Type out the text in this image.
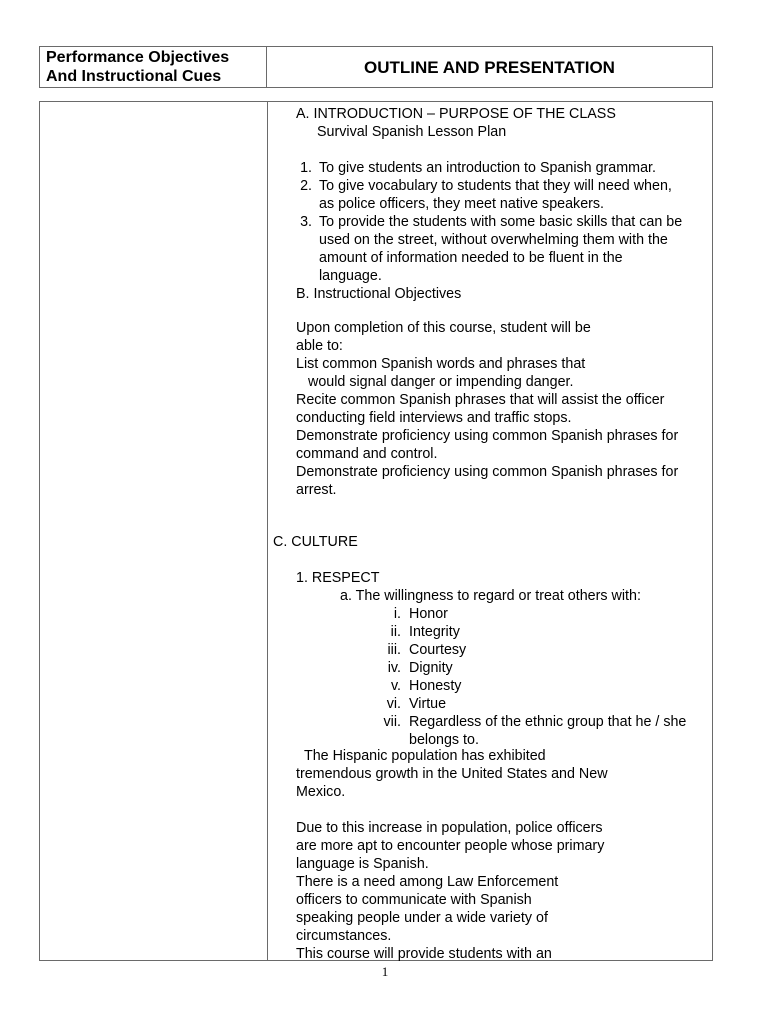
Performance Objectives
And Instructional Cues	OUTLINE AND PRESENTATION
A. INTRODUCTION – PURPOSE OF THE CLASS
Survival Spanish Lesson Plan
1. To give students an introduction to Spanish grammar.
2. To give vocabulary to students that they will need when,
as police officers, they meet native speakers.
3. To provide the students with some basic skills that can be
used on the street, without overwhelming them with the
amount of information needed to be fluent in the
language.
B. Instructional Objectives
Upon completion of this course, student will be
able to:
List common Spanish words and phrases that
would signal danger or impending danger.
Recite common Spanish phrases that will assist the officer
conducting field interviews and traffic stops.
Demonstrate proficiency using common Spanish phrases for
command and control.
Demonstrate proficiency using common Spanish phrases for
arrest.
C. CULTURE
1. RESPECT
a. The willingness to regard or treat others with:
i. Honor
ii. Integrity
iii. Courtesy
iv. Dignity
v. Honesty
vi. Virtue
vii. Regardless of the ethnic group that he / she
belongs to.
The Hispanic population has exhibited
tremendous growth in the United States and New
Mexico.
Due to this increase in population, police officers
are more apt to encounter people whose primary
language is Spanish.
There is a need among Law Enforcement
officers to communicate with Spanish
speaking people under a wide variety of
circumstances.
This course will provide students with an
1
